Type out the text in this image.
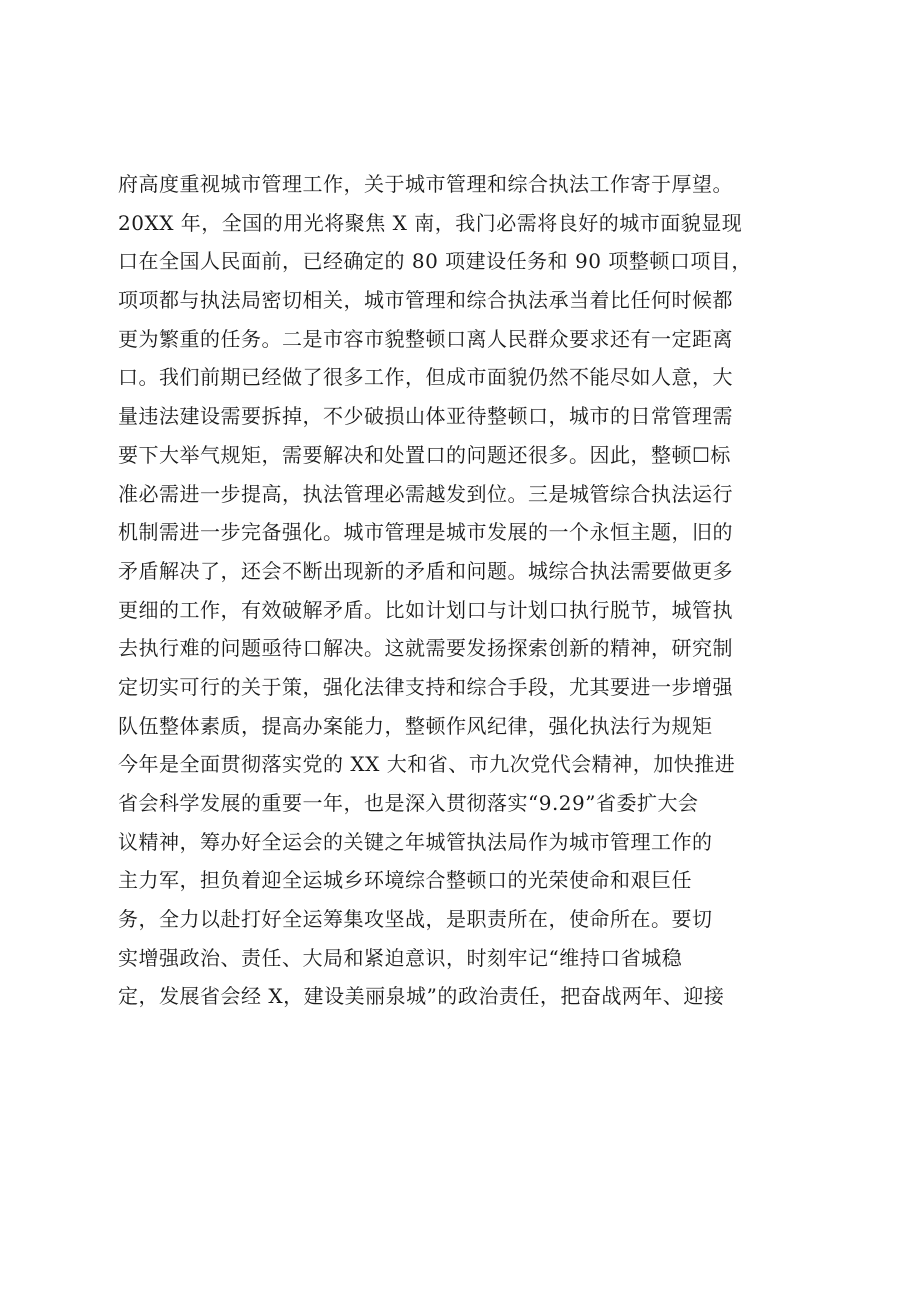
府高度重视城市管理工作，关于城市管理和综合执法工作寄于厚望。
20XX 年，全国的用光将聚焦 X 南，我门必需将良好的城市面貌显现
口在全国人民面前，已经确定的 80 项建设任务和 90 项整顿口项目，
项项都与执法局密切相关，城市管理和综合执法承当着比任何时候都
更为繁重的任务。二是市容市貌整顿口离人民群众要求还有一定距离
口。我们前期已经做了很多工作，但成市面貌仍然不能尽如人意，大
量违法建设需要拆掉，不少破损山体亚待整顿口，城市的日常管理需
要下大举气规矩，需要解决和处置口的问题还很多。因此，整顿☐标
准必需进一步提高，执法管理必需越发到位。三是城管综合执法运行
机制需进一步完备强化。城市管理是城市发展的一个永恒主题，旧的
矛盾解决了，还会不断出现新的矛盾和问题。城综合执法需要做更多
更细的工作，有效破解矛盾。比如计划口与计划口执行脱节，城管执
去执行难的问题亟待口解决。这就需要发扬探索创新的精神，研究制
定切实可行的关于策，强化法律支持和综合手段，尤其要进一步增强
队伍整体素质，提高办案能力，整顿作风纪律，强化执法行为规矩
今年是全面贯彻落实党的 XX 大和省、市九次党代会精神，加快推进
省会科学发展的重要一年，也是深入贯彻落实“9.29”省委扩大会
议精神，筹办好全运会的关键之年城管执法局作为城市管理工作的
主力军，担负着迎全运城乡环境综合整顿口的光荣使命和艰巨任
务，全力以赴打好全运筹集攻坚战，是职责所在，使命所在。要切
实增强政治、责任、大局和紧迫意识，时刻牢记“维持口省城稳
定，发展省会经 X，建设美丽泉城”的政治责任，把奋战两年、迎接
